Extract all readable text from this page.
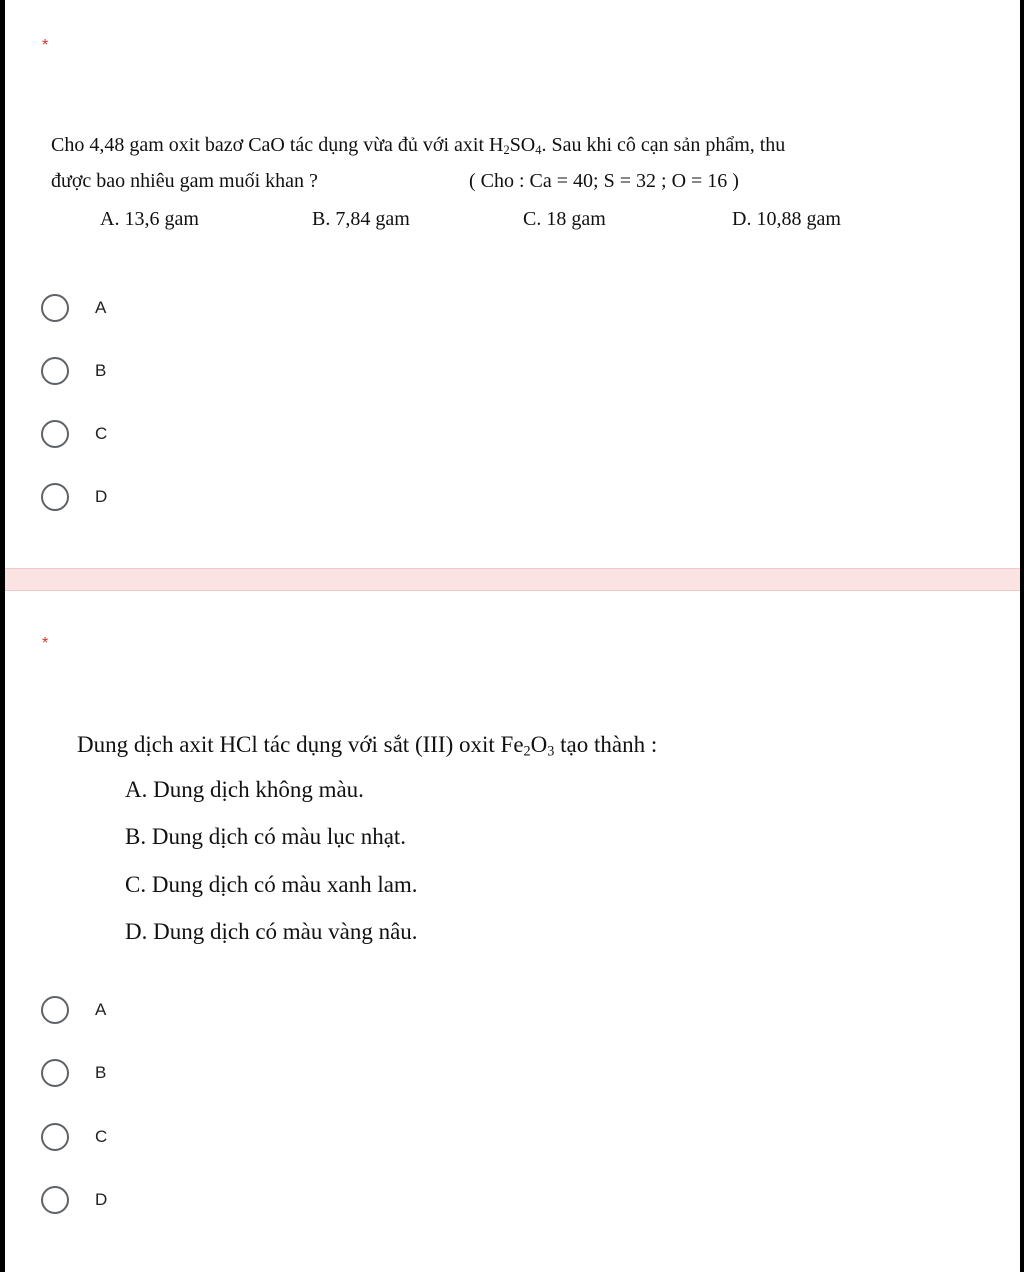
*
Cho 4,48 gam oxit bazơ CaO tác dụng vừa đủ với axit $H_2SO_4$. Sau khi cô cạn sản phẩm, thu
được bao nhiêu gam muối khan ?	( Cho : Ca = 40; S = 32 ; O = 16 )
A. 13,6 gam	B. 7,84 gam	C. 18 gam	D. 10,88 gam
A
B
C
D
*
Dung dịch axit HCl tác dụng với sắt (III) oxit $Fe_2O_3$ tạo thành :
A. Dung dịch không màu.
B. Dung dịch có màu lục nhạt.
C. Dung dịch có màu xanh lam.
D. Dung dịch có màu vàng nâu.
A
B
C
D
